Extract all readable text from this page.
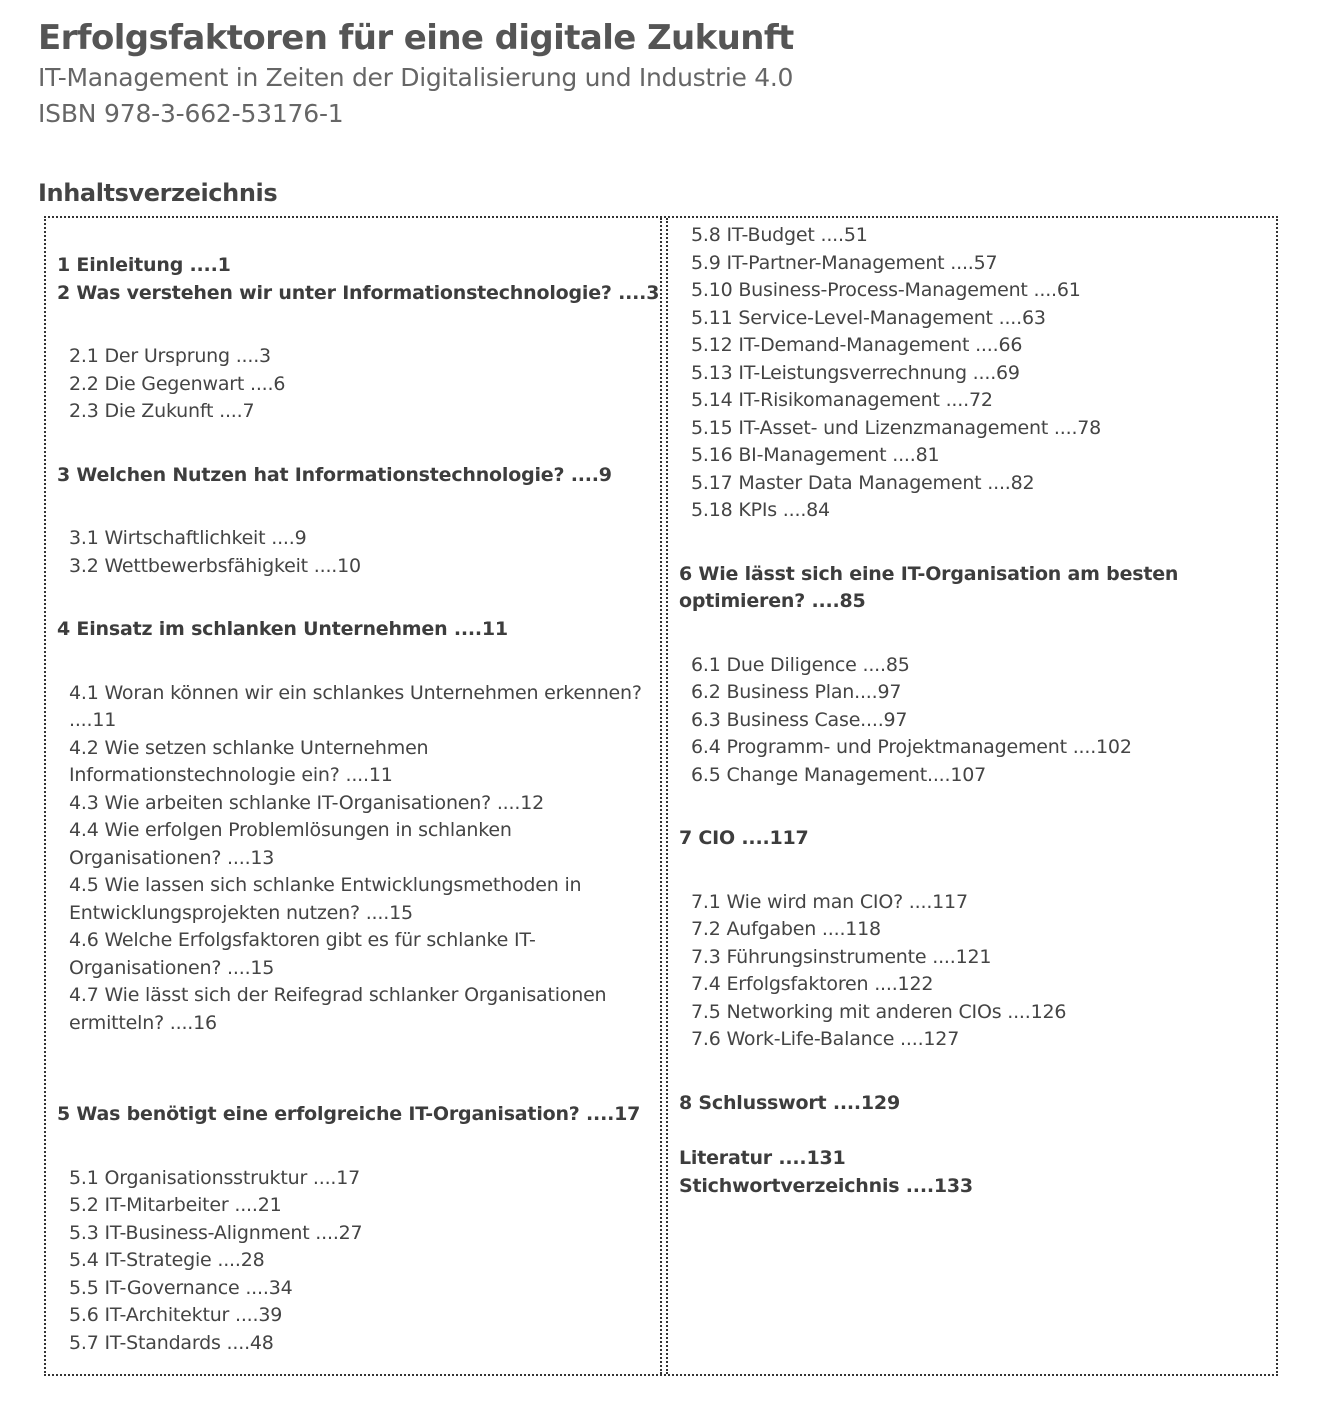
Erfolgsfaktoren für eine digitale Zukunft
IT-Management in Zeiten der Digitalisierung und Industrie 4.0
ISBN 978-3-662-53176-1
Inhaltsverzeichnis
1 Einleitung ....1
2 Was verstehen wir unter Informationstechnologie? ....3
2.1 Der Ursprung ....3
2.2 Die Gegenwart ....6
2.3 Die Zukunft ....7
3 Welchen Nutzen hat Informationstechnologie? ....9
3.1 Wirtschaftlichkeit ....9
3.2 Wettbewerbsfähigkeit ....10
4 Einsatz im schlanken Unternehmen ....11
4.1 Woran können wir ein schlankes Unternehmen erkennen? ....11
4.2 Wie setzen schlanke Unternehmen Informationstechnologie ein? ....11
4.3 Wie arbeiten schlanke IT-Organisationen? ....12
4.4 Wie erfolgen Problemlösungen in schlanken Organisationen? ....13
4.5 Wie lassen sich schlanke Entwicklungsmethoden in Entwicklungsprojekten nutzen? ....15
4.6 Welche Erfolgsfaktoren gibt es für schlanke IT-Organisationen? ....15
4.7 Wie lässt sich der Reifegrad schlanker Organisationen ermitteln? ....16
5 Was benötigt eine erfolgreiche IT-Organisation? ....17
5.1 Organisationsstruktur ....17
5.2 IT-Mitarbeiter ....21
5.3 IT-Business-Alignment ....27
5.4 IT-Strategie ....28
5.5 IT-Governance ....34
5.6 IT-Architektur ....39
5.7 IT-Standards ....48
5.8 IT-Budget ....51
5.9 IT-Partner-Management ....57
5.10 Business-Process-Management ....61
5.11 Service-Level-Management ....63
5.12 IT-Demand-Management ....66
5.13 IT-Leistungsverrechnung ....69
5.14 IT-Risikomanagement ....72
5.15 IT-Asset- und Lizenzmanagement ....78
5.16 BI-Management ....81
5.17 Master Data Management ....82
5.18 KPIs ....84
6 Wie lässt sich eine IT-Organisation am besten optimieren? ....85
6.1 Due Diligence ....85
6.2 Business Plan....97
6.3 Business Case....97
6.4 Programm- und Projektmanagement ....102
6.5 Change Management....107
7 CIO ....117
7.1 Wie wird man CIO? ....117
7.2 Aufgaben ....118
7.3 Führungsinstrumente ....121
7.4 Erfolgsfaktoren ....122
7.5 Networking mit anderen CIOs ....126
7.6 Work-Life-Balance ....127
8 Schlusswort ....129
Literatur ....131
Stichwortverzeichnis ....133
